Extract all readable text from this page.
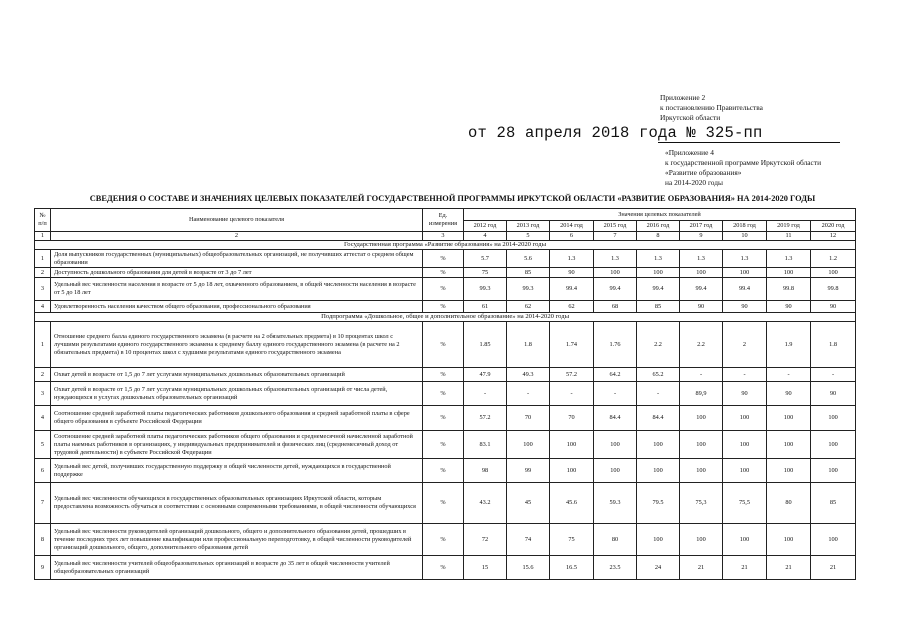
Приложение 2
к постановлению Правительства
Иркутской области
от 28 апреля 2018 года № 325-пп
«Приложение 4
к государственной программе Иркутской области
«Развитие образования»
на 2014-2020 годы
СВЕДЕНИЯ О СОСТАВЕ И ЗНАЧЕНИЯХ ЦЕЛЕВЫХ ПОКАЗАТЕЛЕЙ ГОСУДАРСТВЕННОЙ ПРОГРАММЫ ИРКУТСКОЙ ОБЛАСТИ «РАЗВИТИЕ ОБРАЗОВАНИЯ» НА 2014-2020 ГОДЫ
№ п/п	Наименование целевого показателя	Ед. измерения	Значения целевых показателей								
			2012 год	2013 год	2014 год	2015 год	2016 год	2017 год	2018 год	2019 год	2020 год
1	2	3	4	5	6	7	8	9	10	11	12
Государственная программа «Развитие образования» на 2014-2020 годы											
1	Доля выпускников государственных (муниципальных) общеобразовательных организаций, не получивших аттестат о среднем общем образовании	%	5.7	5.6	1.3	1.3	1.3	1.3	1.3	1.3	1.2
2	Доступность дошкольного образования для детей в возрасте от 3 до 7 лет	%	75	85	90	100	100	100	100	100	100
3	Удельный вес численности населения в возрасте от 5 до 18 лет, охваченного образованием, в общей численности населения в возрасте от 5 до 18 лет	%	99.3	99.3	99.4	99.4	99.4	99.4	99.4	99.8	99.8
4	Удовлетворенность населения качеством общего образования, профессионального образования	%	61	62	62	68	85	90	90	90	90
Подпрограмма «Дошкольное, общее и дополнительное образование» на 2014-2020 годы											
1	Отношение среднего балла единого государственного экзамена (в расчете на 2 обязательных предмета) в 10 процентах школ с лучшими результатами единого государственного экзамена к среднему баллу единого государственного экзамена (в расчете на 2 обязательных предмета) в 10 процентах школ с худшими результатами единого государственного экзамена	%	1.85	1.8	1.74	1.76	2.2	2.2	2	1.9	1.8
2	Охват детей в возрасте от 1,5 до 7 лет услугами муниципальных дошкольных образовательных организаций	%	47.9	49.3	57.2	64.2	65.2	-	-	-	-
3	Охват детей в возрасте от 1,5 до 7 лет услугами муниципальных дошкольных образовательных организаций от числа детей, нуждающихся в услугах дошкольных образовательных организаций	%	-	-	-	-	-	89,9	90	90	90
4	Соотношение средней заработной платы педагогических работников дошкольного образования и средней заработной платы в сфере общего образования в субъекте Российской Федерации	%	57.2	70	70	84.4	84.4	100	100	100	100
5	Соотношение средней заработной платы педагогических работников общего образования и среднемесячной начисленной заработной платы наемных работников в организациях, у индивидуальных предпринимателей и физических лиц (среднемесячный доход от трудовой деятельности) в субъекте Российской Федерации	%	83.1	100	100	100	100	100	100	100	100
6	Удельный вес детей, получивших государственную поддержку в общей численности детей, нуждающихся в государственной поддержке	%	98	99	100	100	100	100	100	100	100
7	Удельный вес численности обучающихся в государственных образовательных организациях Иркутской области, которым предоставлена возможность обучаться в соответствии с основными современными требованиями, в общей численности обучающихся	%	43.2	45	45.6	59.3	79.5	75,3	75,5	80	85
8	Удельный вес численности руководителей организаций дошкольного, общего и дополнительного образования детей, прошедших в течение последних трех лет повышение квалификации или профессиональную переподготовку, в общей численности руководителей организаций дошкольного, общего, дополнительного образования детей	%	72	74	75	80	100	100	100	100	100
9	Удельный вес численности учителей общеобразовательных организаций в возрасте до 35 лет в общей численности учителей общеобразовательных организаций	%	15	15.6	16.5	23.5	24	21	21	21	21
